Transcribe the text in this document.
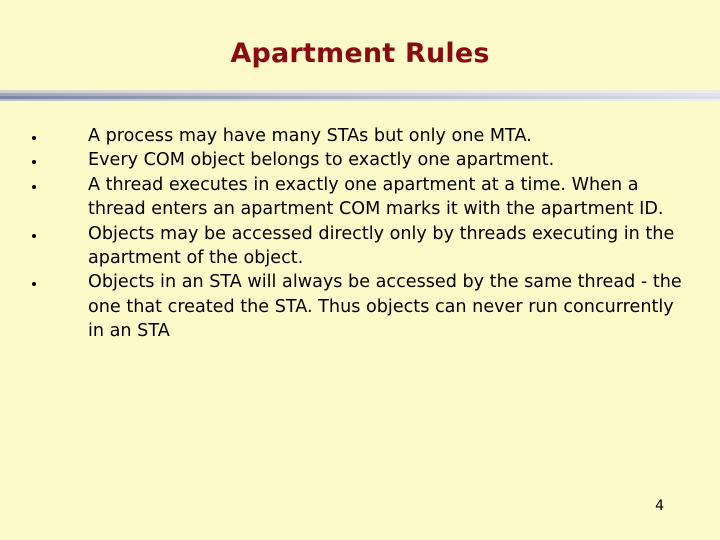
Apartment Rules
A process may have many STAs but only one MTA.
Every COM object belongs to exactly one apartment.
A thread executes in exactly one apartment at a time. When a thread enters an apartment COM marks it with the apartment ID.
Objects may be accessed directly only by threads executing in the apartment of the object.
Objects in an STA will always be accessed by the same thread - the one that created the STA. Thus objects can never run concurrently in an STA
4
